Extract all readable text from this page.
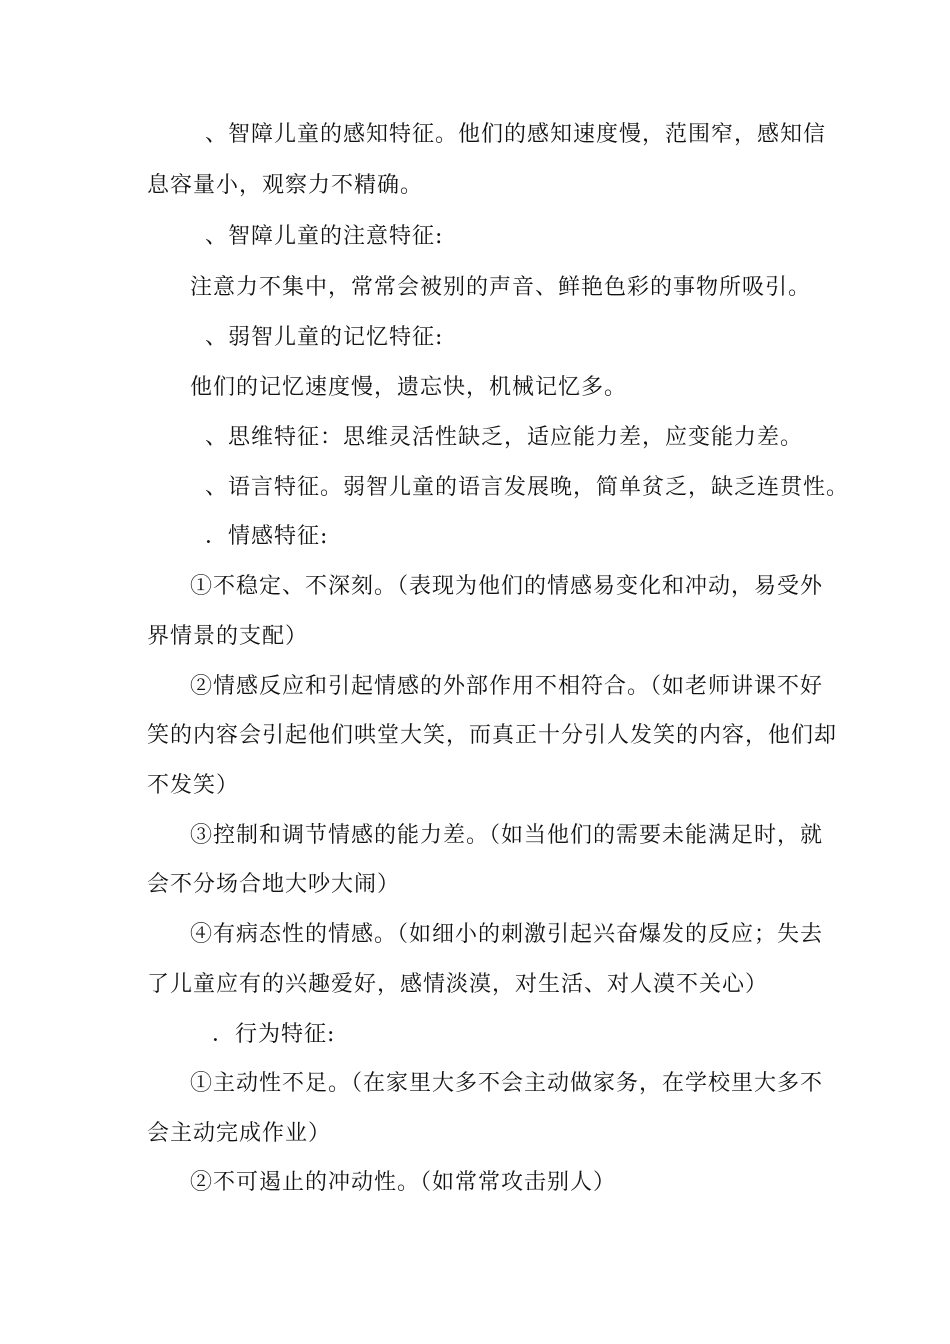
、智障儿童的感知特征。他们的感知速度慢，范围窄，感知信
息容量小，观察力不精确。
、智障儿童的注意特征:
注意力不集中，常常会被别的声音、鲜艳色彩的事物所吸引。
、弱智儿童的记忆特征:
他们的记忆速度慢，遗忘快，机械记忆多。
、思维特征：思维灵活性缺乏，适应能力差，应变能力差。
、语言特征。弱智儿童的语言发展晚，简单贫乏，缺乏连贯性。
．情感特征:
①不稳定、不深刻。（表现为他们的情感易变化和冲动，易受外
界情景的支配）
②情感反应和引起情感的外部作用不相符合。（如老师讲课不好
笑的内容会引起他们哄堂大笑，而真正十分引人发笑的内容，他们却
不发笑）
③控制和调节情感的能力差。（如当他们的需要未能满足时，就
会不分场合地大吵大闹）
④有病态性的情感。（如细小的刺激引起兴奋爆发的反应；失去
了儿童应有的兴趣爱好，感情淡漠，对生活、对人漠不关心）
．行为特征:
①主动性不足。（在家里大多不会主动做家务，在学校里大多不
会主动完成作业）
②不可遏止的冲动性。（如常常攻击别人）
